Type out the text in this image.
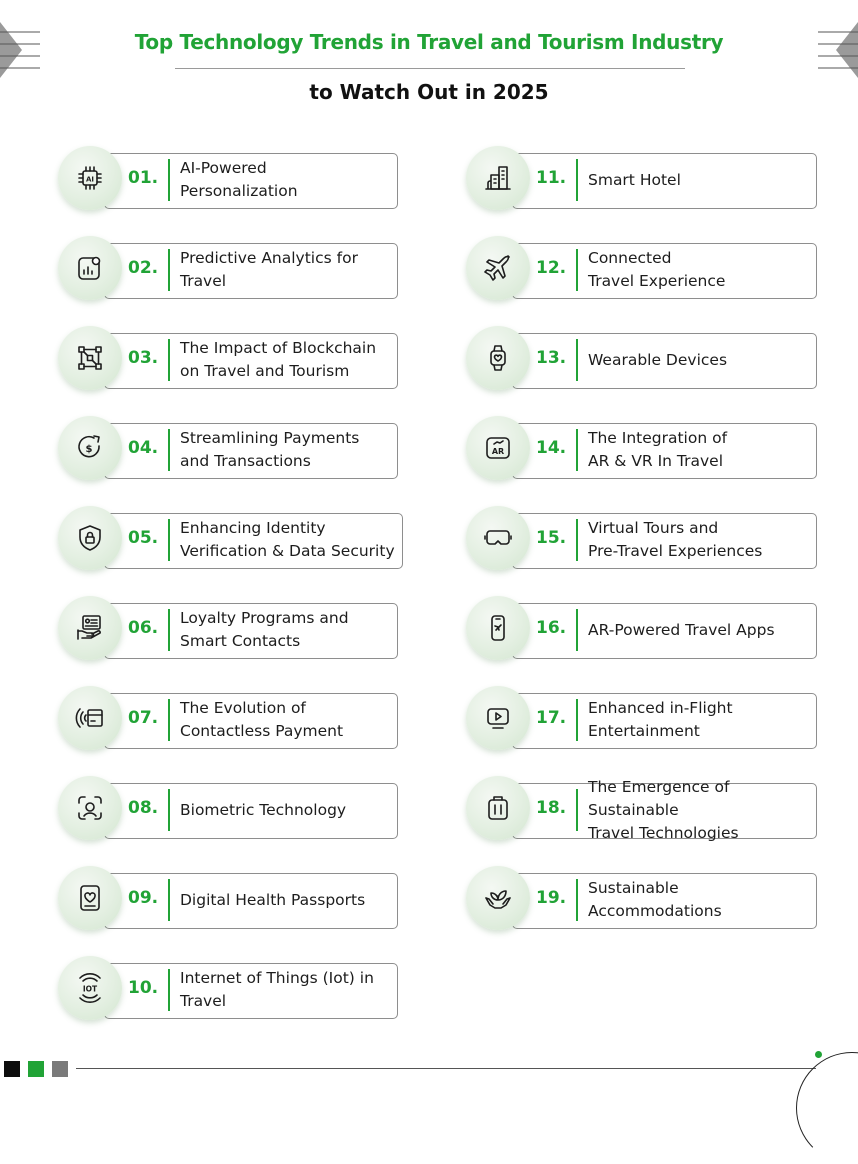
Top Technology Trends in Travel and Tourism Industry
to Watch Out in 2025
AI 01. AI-Powered
Personalization
02. Predictive Analytics for
Travel
03. The Impact of Blockchain
on Travel and Tourism
$ 04. Streamlining Payments
and Transactions
05. Enhancing Identity
Verification & Data Security
06. Loyalty Programs and
Smart Contacts
07. The Evolution of
Contactless Payment
08. Biometric Technology
09. Digital Health Passports
IOT 10. Internet of Things (Iot) in
Travel
11. Smart Hotel
12. Connected
Travel Experience
13. Wearable Devices
AR 14. The Integration of
AR & VR In Travel
15. Virtual Tours and
Pre-Travel Experiences
16. AR-Powered Travel Apps
17. Enhanced in-Flight
Entertainment
18.
The Emergence of Sustainable
Travel Technologies
19. Sustainable
Accommodations
